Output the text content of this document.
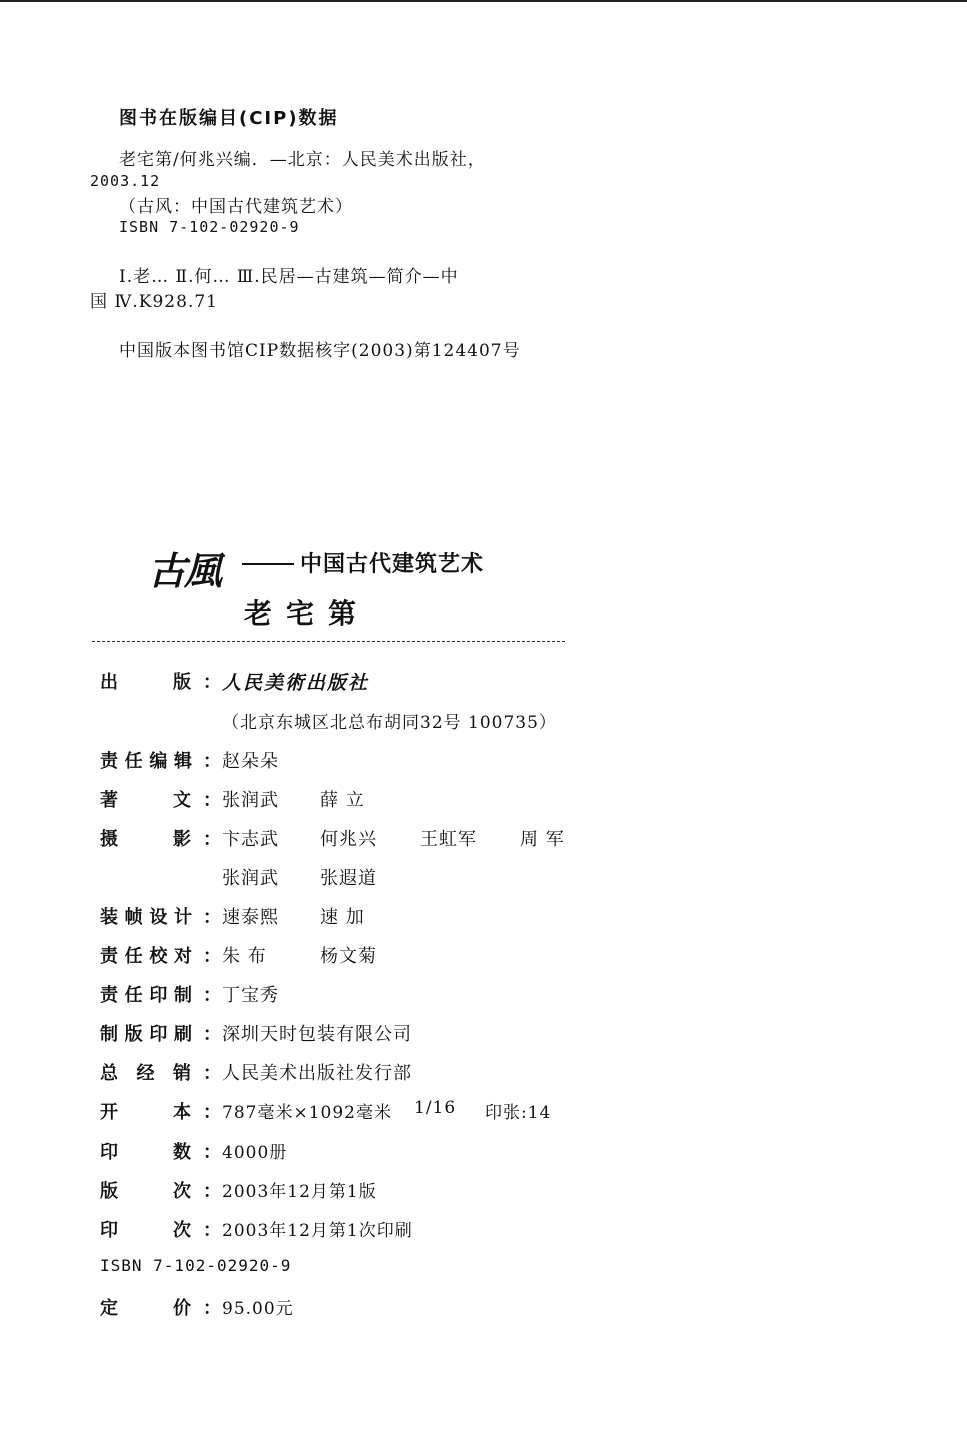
图书在版编目(CIP)数据
老宅第/何兆兴编．—北京：人民美术出版社，
2003.12
（古风：中国古代建筑艺术）
ISBN 7-102-02920-9
Ⅰ.老… Ⅱ.何… Ⅲ.民居—古建筑—简介—中
国 Ⅳ.K928.71
中国版本图书馆CIP数据核字(2003)第124407号
古風	中国古代建筑艺术
老宅第
出	版 ： 人民美術出版社
（北京东城区北总布胡同32号 100735）
责 任 编 辑 ： 赵朵朵
著	文 ： 张润武 薛 立
摄	影 ： 卞志武 何兆兴 王虹军 周 军
张润武 张遐道
装 帧 设 计 ： 速泰熙 速 加
责 任 校 对 ： 朱 布	杨文菊
责 任 印 制 ： 丁宝秀
制 版 印 刷 ： 深圳天时包装有限公司
总 经 销 ： 人民美术出版社发行部
开	本 ： 787毫米×1092毫米 1/16 印张:14
印	数 ： 4000册
版	次 ： 2003年12月第1版
印	次 ： 2003年12月第1次印刷
ISBN 7-102-02920-9
定	价 ： 95.00元
